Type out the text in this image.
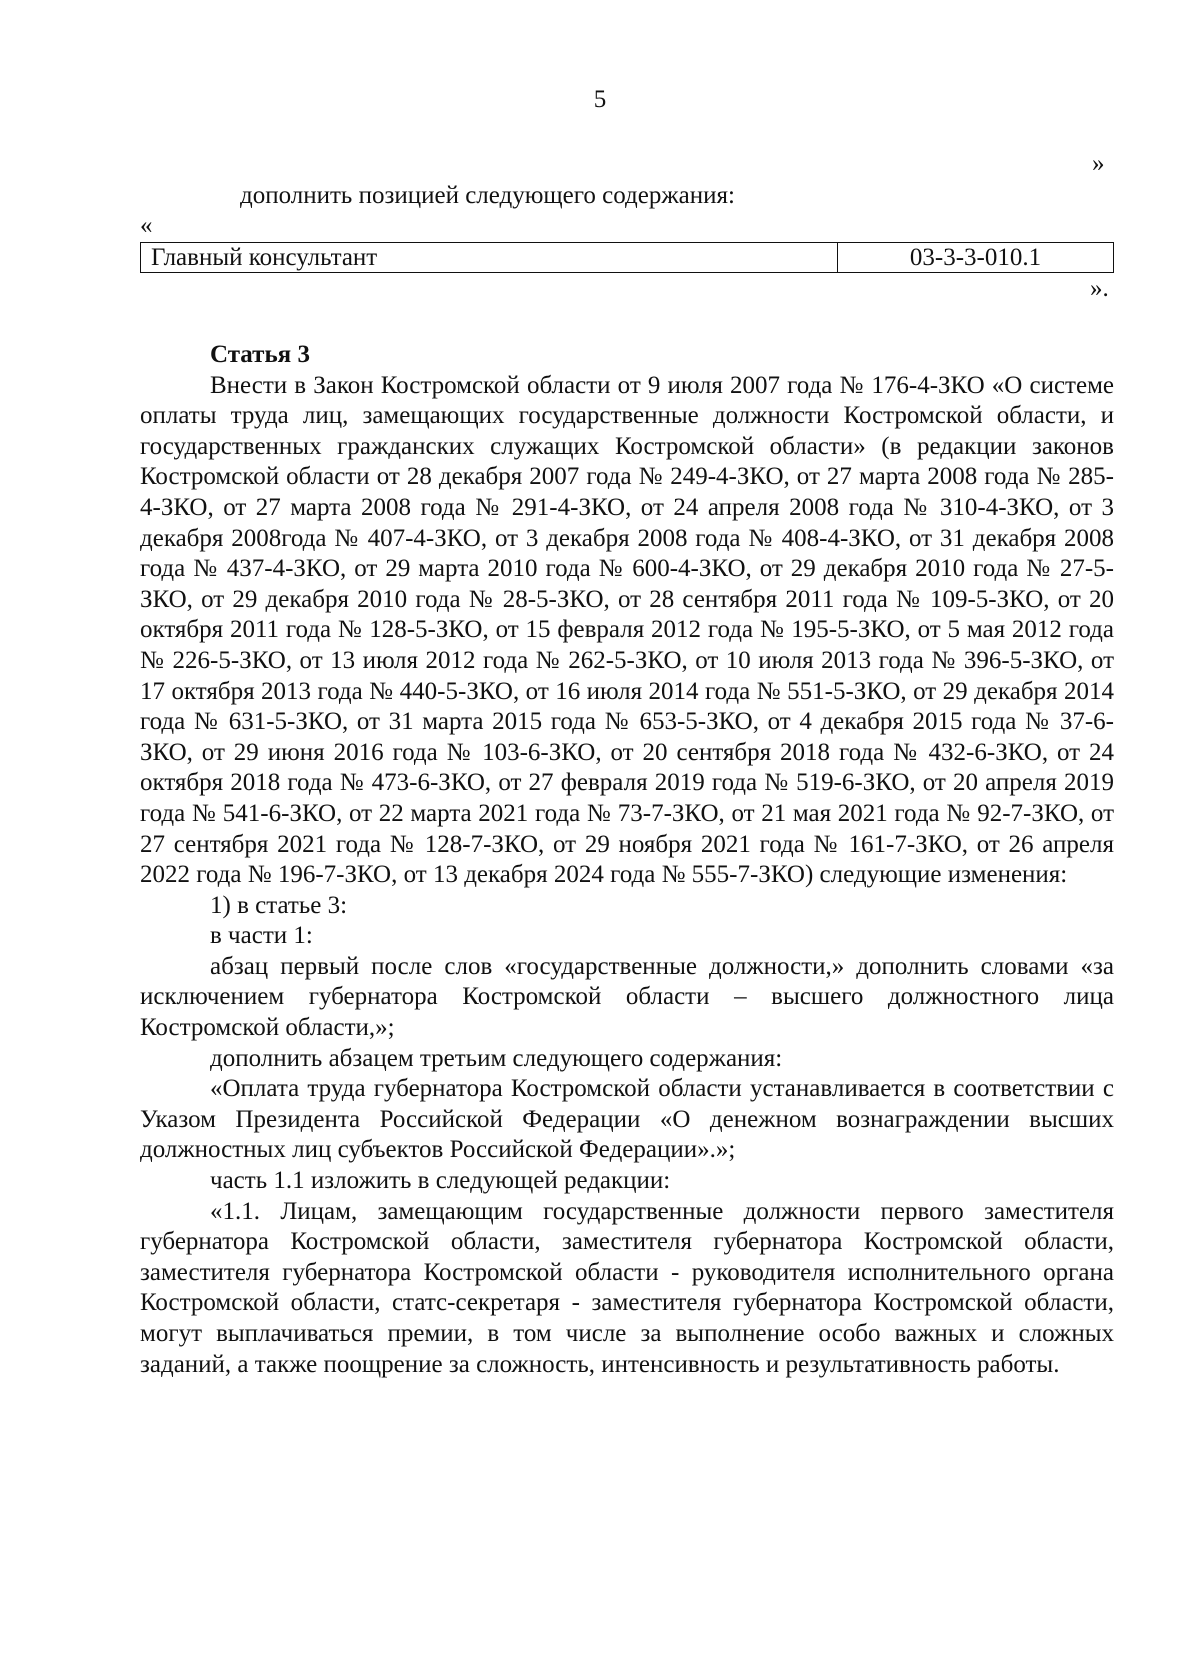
5
»
дополнить позицией следующего содержания:
«
Главный консультант	03-3-3-010.1
».

Статья 3

Внести в Закон Костромской области от 9 июля 2007 года № 176-4-ЗКО «О системе оплаты труда лиц, замещающих государственные должности Костромской области, и государственных гражданских служащих Костромской области» (в редакции законов Костромской области от 28 декабря 2007 года № 249-4-ЗКО, от 27 марта 2008 года № 285-4-ЗКО, от 27 марта 2008 года № 291-4-ЗКО, от 24 апреля 2008 года № 310-4-ЗКО, от 3 декабря 2008года № 407-4-ЗКО, от 3 декабря 2008 года № 408-4-ЗКО, от 31 декабря 2008 года № 437-4-ЗКО, от 29 марта 2010 года № 600-4-ЗКО, от 29 декабря 2010 года № 27-5-ЗКО, от 29 декабря 2010 года № 28-5-ЗКО, от 28 сентября 2011 года № 109-5-ЗКО, от 20 октября 2011 года № 128-5-ЗКО, от 15 февраля 2012 года № 195-5-ЗКО, от 5 мая 2012 года № 226-5-ЗКО, от 13 июля 2012 года № 262-5-ЗКО, от 10 июля 2013 года № 396-5-ЗКО, от 17 октября 2013 года № 440-5-ЗКО, от 16 июля 2014 года № 551-5-ЗКО, от 29 декабря 2014 года № 631-5-ЗКО, от 31 марта 2015 года № 653-5-ЗКО, от 4 декабря 2015 года № 37-6-ЗКО, от 29 июня 2016 года № 103-6-ЗКО, от 20 сентября 2018 года № 432-6-ЗКО, от 24 октября 2018 года № 473-6-ЗКО, от 27 февраля 2019 года № 519-6-ЗКО, от 20 апреля 2019 года № 541-6-ЗКО, от 22 марта 2021 года № 73-7-ЗКО, от 21 мая 2021 года № 92-7-ЗКО, от 27 сентября 2021 года № 128-7-ЗКО, от 29 ноября 2021 года № 161-7-ЗКО, от 26 апреля 2022 года № 196-7-ЗКО, от 13 декабря 2024 года № 555-7-ЗКО) следующие изменения:

1) в статье 3:

в части 1:

абзац первый после слов «государственные должности,» дополнить словами «за исключением губернатора Костромской области – высшего должностного лица Костромской области,»;

дополнить абзацем третьим следующего содержания:

«Оплата труда губернатора Костромской области устанавливается в соответствии с Указом Президента Российской Федерации «О денежном вознаграждении высших должностных лиц субъектов Российской Федерации».»;

часть 1.1 изложить в следующей редакции:

«1.1. Лицам, замещающим государственные должности первого заместителя губернатора Костромской области, заместителя губернатора Костромской области, заместителя губернатора Костромской области - руководителя исполнительного органа Костромской области, статс-секретаря - заместителя губернатора Костромской области, могут выплачиваться премии, в том числе за выполнение особо важных и сложных заданий, а также поощрение за сложность, интенсивность и результативность работы.
